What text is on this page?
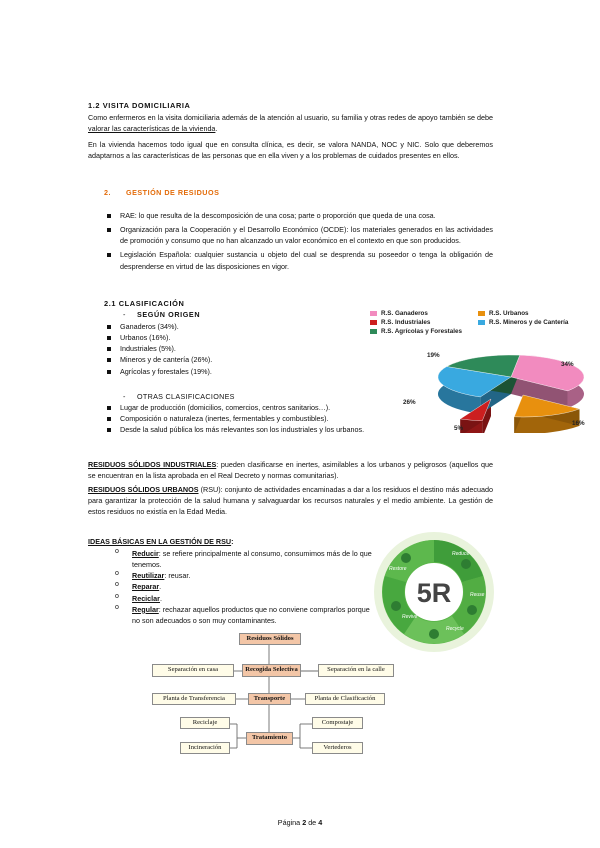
1.2 VISITA DOMICILIARIA

Como enfermeros en la visita domiciliaria además de la atención al usuario, su familia y otras redes de apoyo también se debe valorar las características de la vivienda.

En la vivienda hacemos todo igual que en consulta clínica, es decir, se valora NANDA, NOC y NIC. Solo que deberemos adaptarnos a las características de las personas que en ella viven y a los problemas de cuidados presentes en ellos.

2. GESTIÓN DE RESIDUOS
RAE: lo que resulta de la descomposición de una cosa; parte o proporción que queda de una cosa.
Organización para la Cooperación y el Desarrollo Económico (OCDE): los materiales generados en las actividades de promoción y consumo que no han alcanzado un valor económico en el contexto en que son producidos.
Legislación Española: cualquier sustancia u objeto del cual se desprenda su poseedor o tenga la obligación de desprenderse en virtud de las disposiciones en vigor.
2.1 CLASIFICACIÓN
- SEGÚN ORIGEN
Ganaderos (34%).
Urbanos (16%).
Industriales (5%).
Mineros y de cantería (26%).
Agrícolas y forestales (19%).
- OTRAS CLASIFICACIONES
Lugar de producción (domicilios, comercios, centros sanitarios…).
Composición o naturaleza (inertes, fermentables y combustibles).
Desde la salud pública los más relevantes son los industriales y los urbanos.
R.S. Ganaderos	R.S. Urbanos
R.S. Industriales	R.S. Mineros y de Cantería
R.S. Agrícolas y Forestales
34%
16%
5%
26%
19%

RESIDUOS SÓLIDOS INDUSTRIALES: pueden clasificarse en inertes, asimilables a los urbanos y peligrosos (aquellos que se encuentran en la lista aprobada en el Real Decreto y normas comunitarias).

RESIDUOS SÓLIDOS URBANOS (RSU): conjunto de actividades encaminadas a dar a los residuos el destino más adecuado para garantizar la protección de la salud humana y salvaguardar los recursos naturales y el medio ambiente. La gestión de estos residuos no existía en la Edad Media.

IDEAS BÁSICAS EN LA GESTIÓN DE RSU:
o Reducir: se refiere principalmente al consumo, consumimos más de lo que tenemos.
o Reutilizar: reusar.
o Reparar.
o Reciclar.
o Regular: rechazar aquellos productos que no conviene comprarlos porque no son adecuados o son muy contaminantes.
5R
Reduce
Reuse
Recycle
Revive
Restore
Residuos Sólidos
Recogida Selectiva
Separación en casa	Separación en la calle
Transporte
Planta de Transferencia	Planta de Clasificación
Tratamiento
Reciclaje
Incineración
Compostaje
Vertederos
Página 2 de 4
